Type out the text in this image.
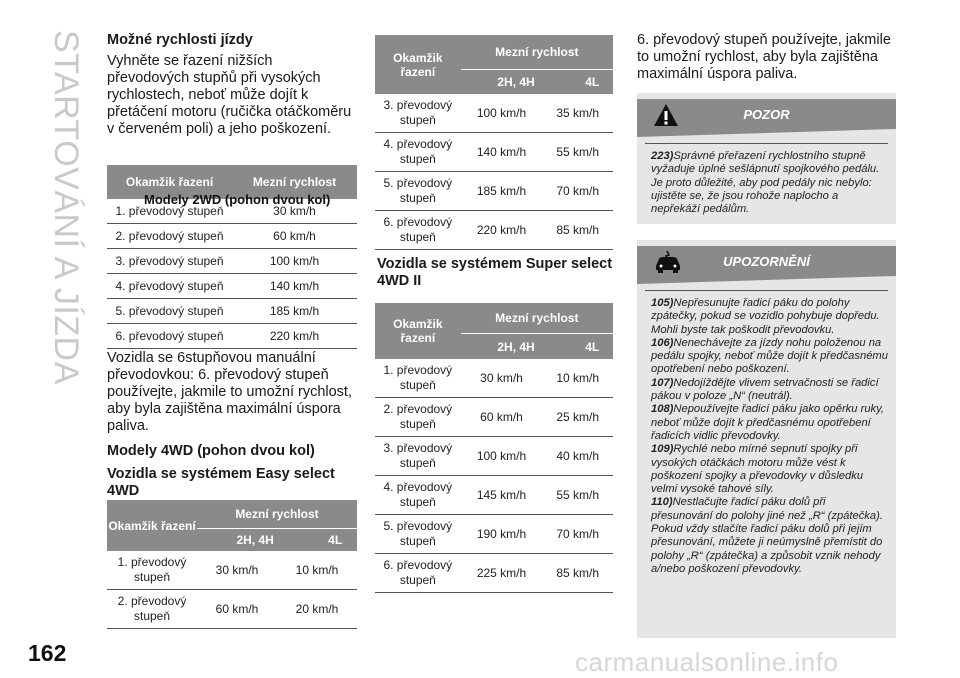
STARTOVÁNÍ A JÍZDA Možné rychlosti jízdy

Vyhněte se řazení nižších převodových stupňů při vysokých rychlostech, neboť může dojít k přetáčení motoru (ručička otáčkoměru v červeném poli) a jeho poškození.

Okamžik řazení	Mezní rychlost
Modely 2WD (pohon dvou kol)
1. převodový stupeň	30 km/h
2. převodový stupeň	60 km/h
3. převodový stupeň	100 km/h
4. převodový stupeň	140 km/h
5. převodový stupeň	185 km/h
6. převodový stupeň	220 km/h

Vozidla se 6stupňovou manuální převodovkou: 6. převodový stupeň používejte, jakmile to umožní rychlost, aby byla zajištěna maximální úspora paliva.

Modely 4WD (pohon dvou kol)
Vozidla se systémem Easy select 4WD
Okamžik řazení	Mezní rychlost	
	2H, 4H	4L
1. převodový stupeň	30 km/h	10 km/h
2. převodový stupeň	60 km/h	20 km/h
Okamžik řazení	Mezní rychlost	
	2H, 4H	4L
3. převodový stupeň	100 km/h	35 km/h
4. převodový stupeň	140 km/h	55 km/h
5. převodový stupeň	185 km/h	70 km/h
6. převodový stupeň	220 km/h	85 km/h
Vozidla se systémem Super select 4WD II
Okamžik řazení	Mezní rychlost	
	2H, 4H	4L
1. převodový stupeň	30 km/h	10 km/h
2. převodový stupeň	60 km/h	25 km/h
3. převodový stupeň	100 km/h	40 km/h
4. převodový stupeň	145 km/h	55 km/h
5. převodový stupeň	190 km/h	70 km/h
6. převodový stupeň	225 km/h	85 km/h

6. převodový stupeň používejte, jakmile to umožní rychlost, aby byla zajištěna maximální úspora paliva.

POZOR
223)Správné přeřazení rychlostního stupně vyžaduje úplné sešlápnutí spojkového pedálu. Je proto důležité, aby pod pedály nic nebylo: ujistěte se, že jsou rohože naplocho a nepřekáží pedálům.
UPOZORNĚNÍ
105)Nepřesunujte řadicí páku do polohy zpátečky, pokud se vozidlo pohybuje dopředu. Mohli byste tak poškodit převodovku.
106)Nenechávejte za jízdy nohu položenou na pedálu spojky, neboť může dojít k předčasnému opotřebení nebo poškození.
107)Nedojíždějte vlivem setrvačnosti se řadicí pákou v poloze „N“ (neutrál).
108)Nepoužívejte řadicí páku jako opěrku ruky, neboť může dojít k předčasnému opotřebení řadicích vidlic převodovky.
109)Rychlé nebo mírné sepnutí spojky při vysokých otáčkách motoru může vést k poškození spojky a převodovky v důsledku velmi vysoké tahové síly.
110)Nestlačujte řadicí páku dolů při přesunování do polohy jiné než „R“ (zpátečka). Pokud vždy stlačíte řadicí páku dolů při jejím přesunování, můžete ji neúmyslně přemístit do polohy „R“ (zpátečka) a způsobit vznik nehody a/nebo poškození převodovky.
162	carmanualsonline.info
